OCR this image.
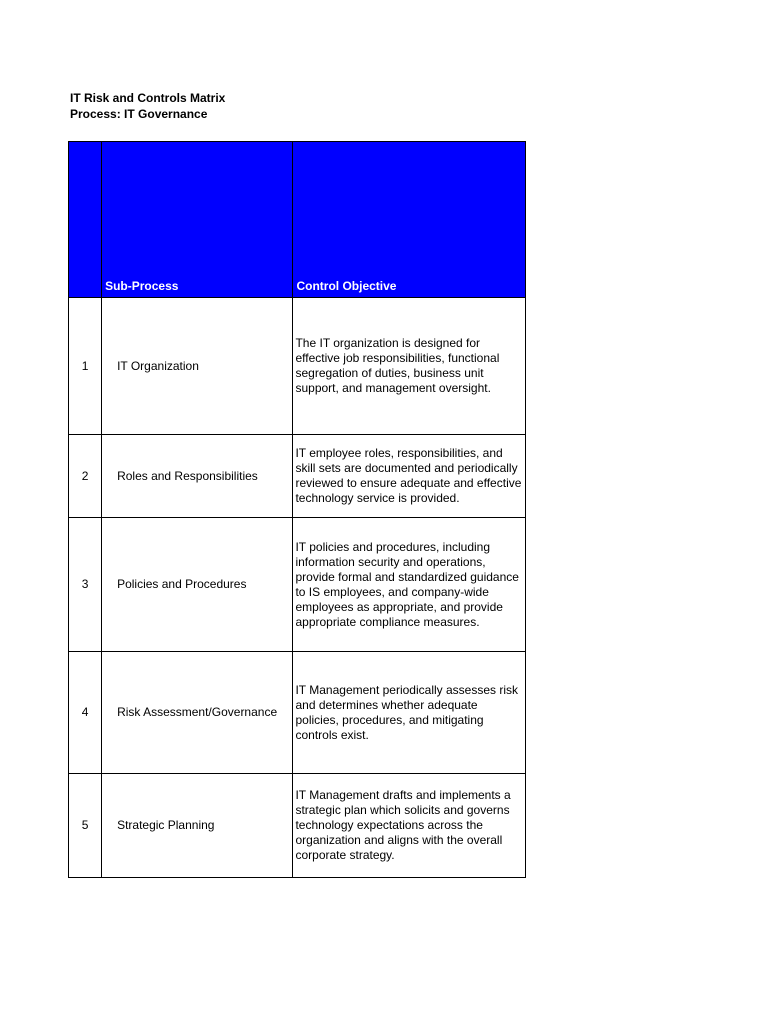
IT Risk and Controls Matrix
Process: IT Governance
	Sub-Process	Control Objective
1	IT Organization	The IT organization is designed for effective job responsibilities, functional segregation of duties, business unit support, and management oversight.
2	Roles and Responsibilities	IT employee roles, responsibilities, and skill sets are documented and periodically reviewed to ensure adequate and effective technology service is provided.
3	Policies and Procedures	IT policies and procedures, including information security and operations, provide formal and standardized guidance to IS employees, and company-wide employees as appropriate, and provide appropriate compliance measures.
4	Risk Assessment/Governance	IT Management periodically assesses risk and determines whether adequate policies, procedures, and mitigating controls exist.
5	Strategic Planning	IT Management drafts and implements a strategic plan which solicits and governs technology expectations across the organization and aligns with the overall corporate strategy.
